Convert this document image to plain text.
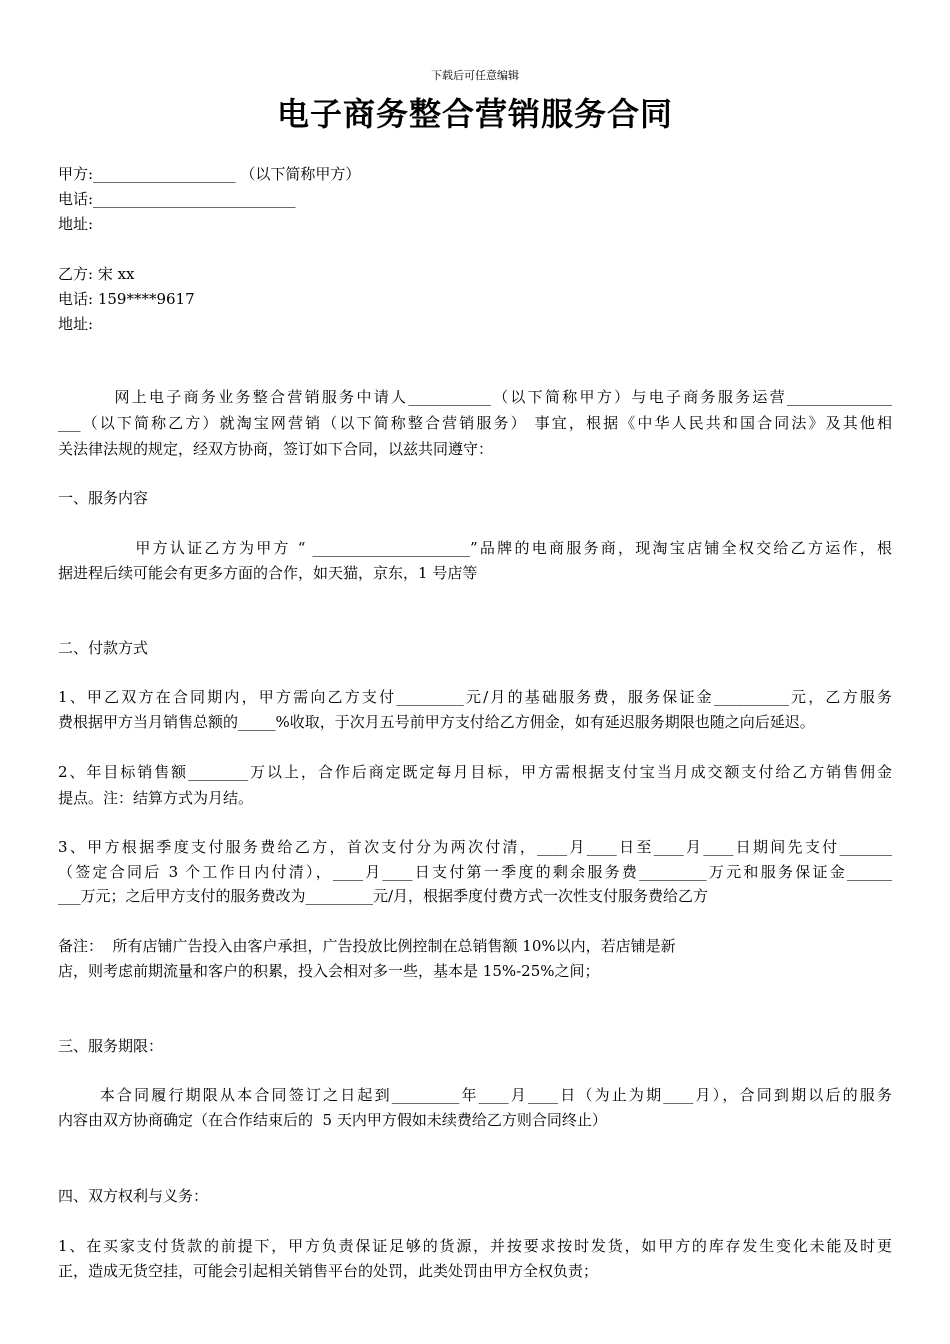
下载后可任意编辑
电子商务整合营销服务合同
甲方:___________________ （以下简称甲方）
电话:___________________________
地址:
乙方: 宋 xx
电话: 159****9617
地址:
网上电子商务业务整合营销服务中请人___________（以下简称甲方）与电子商务服务运营______________
___（以下简称乙方）就淘宝网营销（以下简称整合营销服务） 事宜，根据《中华人民共和国合同法》及其他相
关法律法规的规定，经双方协商，签订如下合同，以兹共同遵守：
一、服务内容
甲方认证乙方为甲方 “ _____________________”品牌的电商服务商，现淘宝店铺全权交给乙方运作，根
据进程后续可能会有更多方面的合作，如天猫，京东，1 号店等
二、付款方式
1、甲乙双方在合同期内，甲方需向乙方支付_________元/月的基础服务费，服务保证金__________元，乙方服务
费根据甲方当月销售总额的_____%收取，于次月五号前甲方支付给乙方佣金，如有延迟服务期限也随之向后延迟。
2、年目标销售额________万以上，合作后商定既定每月目标，甲方需根据支付宝当月成交额支付给乙方销售佣金
提点。注：结算方式为月结。
3、甲方根据季度支付服务费给乙方，首次支付分为两次付清，____月____日至____月____日期间先支付_______
（签定合同后 3 个工作日内付清），____月____日支付第一季度的剩余服务费_________万元和服务保证金______
___万元；之后甲方支付的服务费改为_________元/月，根据季度付费方式一次性支付服务费给乙方
备注：  所有店铺广告投入由客户承担，广告投放比例控制在总销售额 10%以内，若店铺是新
店，则考虑前期流量和客户的积累，投入会相对多一些，基本是 15%-25%之间；
三、服务期限：
本合同履行期限从本合同签订之日起到_________年____月____日（为止为期____月），合同到期以后的服务
内容由双方协商确定（在合作结束后的  5 天内甲方假如未续费给乙方则合同终止）
四、双方权利与义务：
1、在买家支付货款的前提下，甲方负责保证足够的货源，并按要求按时发货，如甲方的库存发生变化未能及时更
正，造成无货空挂，可能会引起相关销售平台的处罚，此类处罚由甲方全权负责；
